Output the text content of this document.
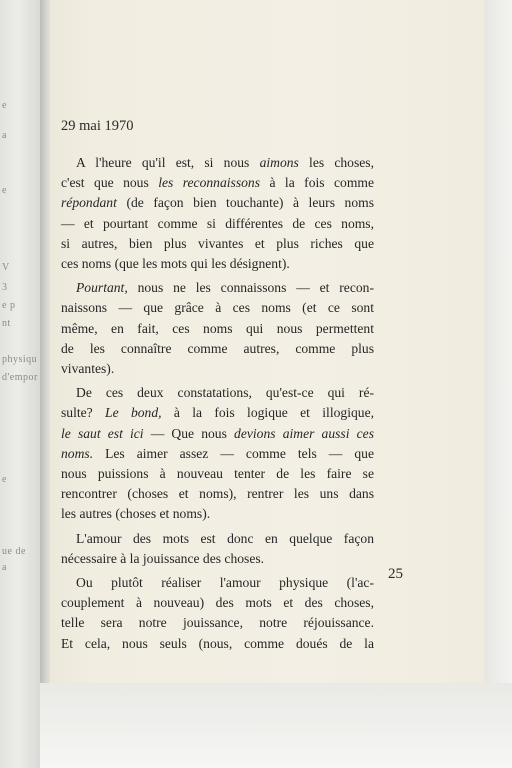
e
a
e
V
3
e p
nt
physiqu
d'empor
e
ue de
a
29 mai 1970

A l'heure qu'il est, si nous aimons les choses,
c'est que nous les reconnaissons à la fois comme
répondant (de façon bien touchante) à leurs noms
— et pourtant comme si différentes de ces noms,
si autres, bien plus vivantes et plus riches que
ces noms (que les mots qui les désignent).

Pourtant, nous ne les connaissons — et recon-
naissons — que grâce à ces noms (et ce sont
même, en fait, ces noms qui nous permettent
de les connaître comme autres, comme plus
vivantes).

De ces deux constatations, qu'est-ce qui ré-
sulte? Le bond, à la fois logique et illogique,
le saut est ici — Que nous devions aimer aussi ces
noms. Les aimer assez — comme tels — que
nous puissions à nouveau tenter de les faire se
rencontrer (choses et noms), rentrer les uns dans
les autres (choses et noms).

L'amour des mots est donc en quelque façon
nécessaire à la jouissance des choses.

Ou plutôt réaliser l'amour physique (l'ac-
couplement à nouveau) des mots et des choses,
telle sera notre jouissance, notre réjouissance.
Et cela, nous seuls (nous, comme doués de la

25
